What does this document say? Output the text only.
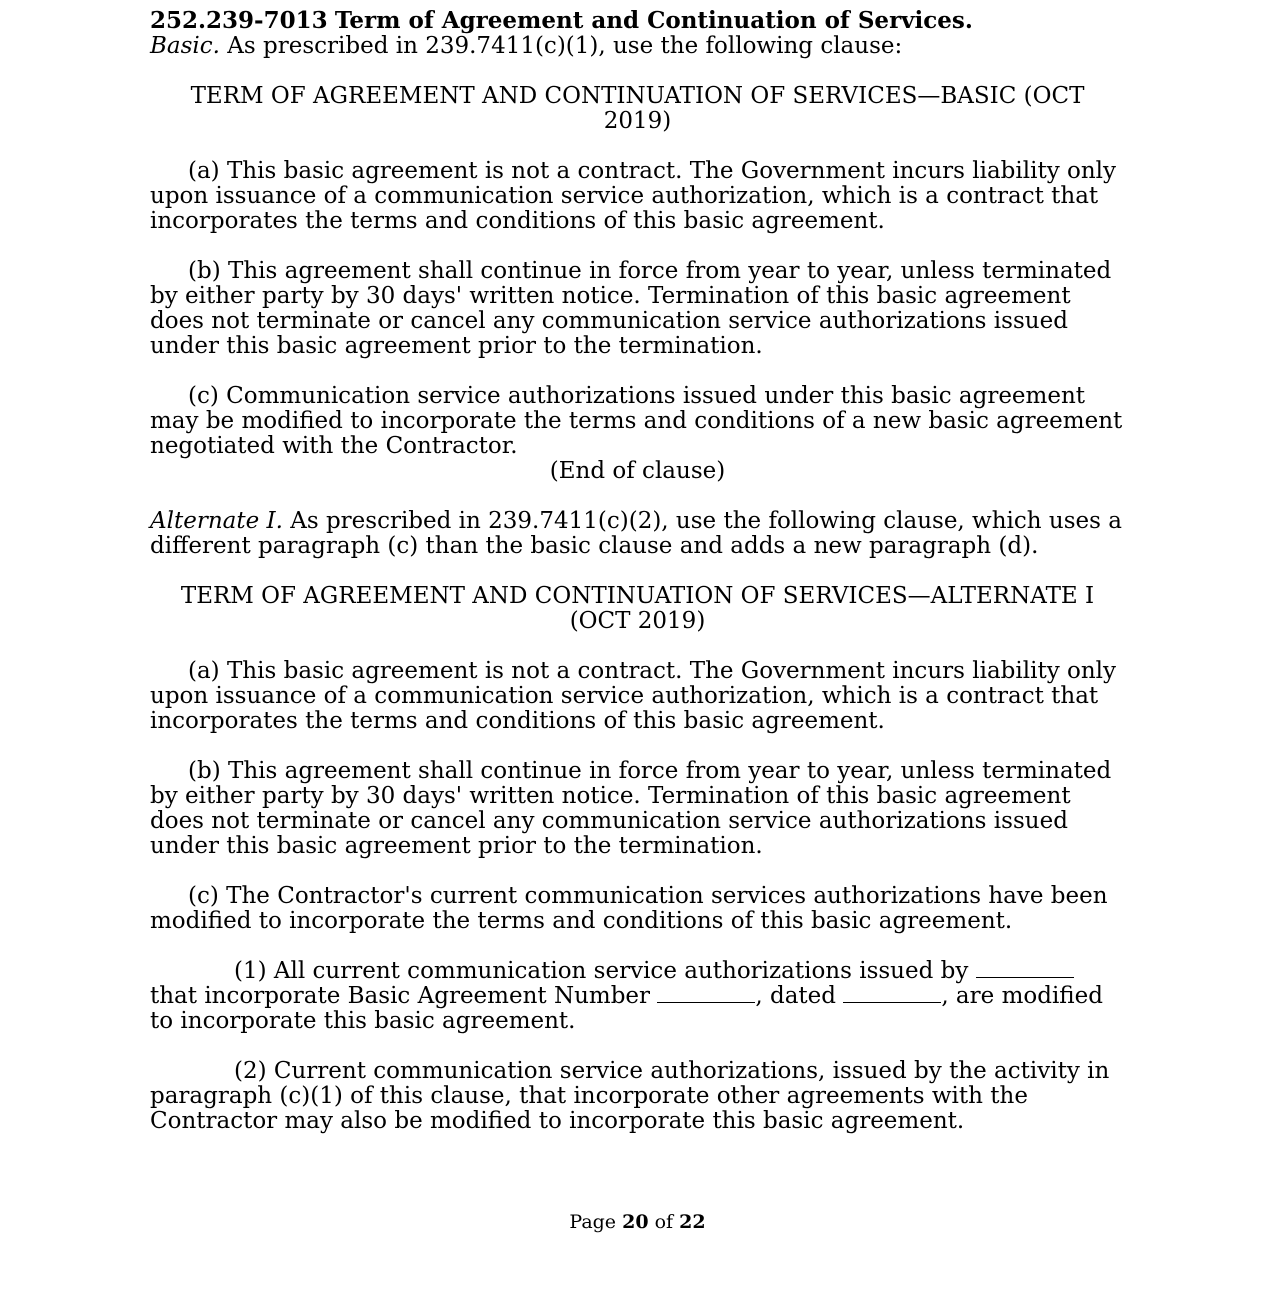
252.239-7013 Term of Agreement and Continuation of Services.

Basic. As prescribed in 239.7411(c)(1), use the following clause:

TERM OF AGREEMENT AND CONTINUATION OF SERVICES—BASIC (OCT 2019)

(a) This basic agreement is not a contract. The Government incurs liability only upon issuance of a communication service authorization, which is a contract that incorporates the terms and conditions of this basic agreement.

(b) This agreement shall continue in force from year to year, unless terminated by either party by 30 days' written notice. Termination of this basic agreement does not terminate or cancel any communication service authorizations issued under this basic agreement prior to the termination.

(c) Communication service authorizations issued under this basic agreement may be modified to incorporate the terms and conditions of a new basic agreement negotiated with the Contractor.

(End of clause)

Alternate I. As prescribed in 239.7411(c)(2), use the following clause, which uses a different paragraph (c) than the basic clause and adds a new paragraph (d).

TERM OF AGREEMENT AND CONTINUATION OF SERVICES—ALTERNATE I (OCT 2019)

(a) This basic agreement is not a contract. The Government incurs liability only upon issuance of a communication service authorization, which is a contract that incorporates the terms and conditions of this basic agreement.

(b) This agreement shall continue in force from year to year, unless terminated by either party by 30 days' written notice. Termination of this basic agreement does not terminate or cancel any communication service authorizations issued under this basic agreement prior to the termination.

(c) The Contractor's current communication services authorizations have been modified to incorporate the terms and conditions of this basic agreement.

(1) All current communication service authorizations issued by  that incorporate Basic Agreement Number	, dated	, are modified to incorporate this basic agreement.

(2) Current communication service authorizations, issued by the activity in paragraph (c)(1) of this clause, that incorporate other agreements with the Contractor may also be modified to incorporate this basic agreement.

Page 20 of 22
